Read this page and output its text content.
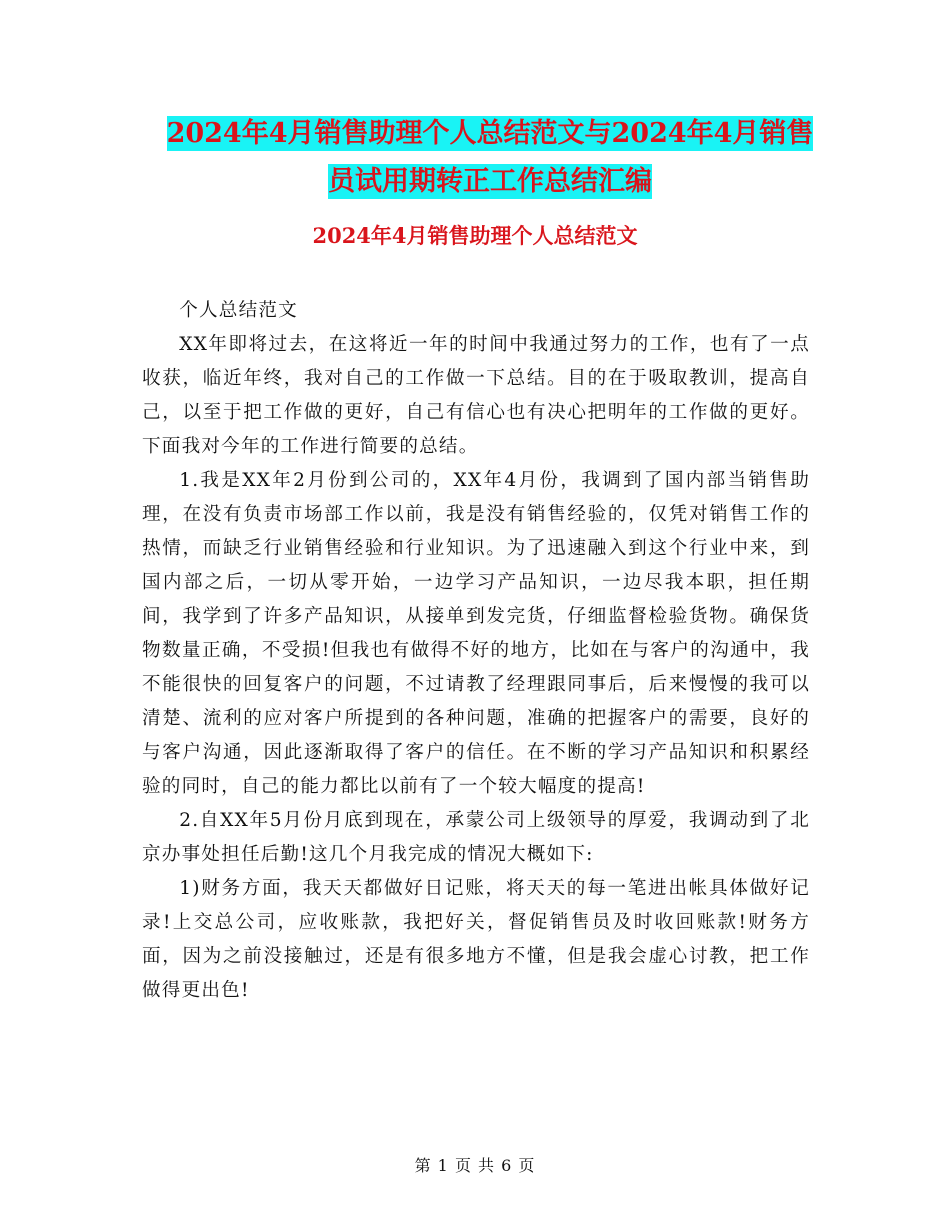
2024年4月销售助理个人总结范文与2024年4月销售
员试用期转正工作总结汇编
2024年4月销售助理个人总结范文

个人总结范文

XX年即将过去，在这将近一年的时间中我通过努力的工作，也有了一点收获，临近年终，我对自己的工作做一下总结。目的在于吸取教训，提高自己，以至于把工作做的更好，自己有信心也有决心把明年的工作做的更好。下面我对今年的工作进行简要的总结。

1.我是XX年2月份到公司的，XX年4月份，我调到了国内部当销售助理，在没有负责市场部工作以前，我是没有销售经验的，仅凭对销售工作的热情，而缺乏行业销售经验和行业知识。为了迅速融入到这个行业中来，到国内部之后，一切从零开始，一边学习产品知识，一边尽我本职，担任期间，我学到了许多产品知识，从接单到发完货，仔细监督检验货物。确保货物数量正确，不受损!但我也有做得不好的地方，比如在与客户的沟通中，我不能很快的回复客户的问题，不过请教了经理跟同事后，后来慢慢的我可以清楚、流利的应对客户所提到的各种问题，准确的把握客户的需要，良好的与客户沟通，因此逐渐取得了客户的信任。在不断的学习产品知识和积累经验的同时，自己的能力都比以前有了一个较大幅度的提高!

2.自XX年5月份月底到现在，承蒙公司上级领导的厚爱，我调动到了北京办事处担任后勤!这几个月我完成的情况大概如下:

1)财务方面，我天天都做好日记账，将天天的每一笔进出帐具体做好记录!上交总公司，应收账款，我把好关，督促销售员及时收回账款!财务方面，因为之前没接触过，还是有很多地方不懂，但是我会虚心讨教，把工作做得更出色!

第 1 页 共 6 页
